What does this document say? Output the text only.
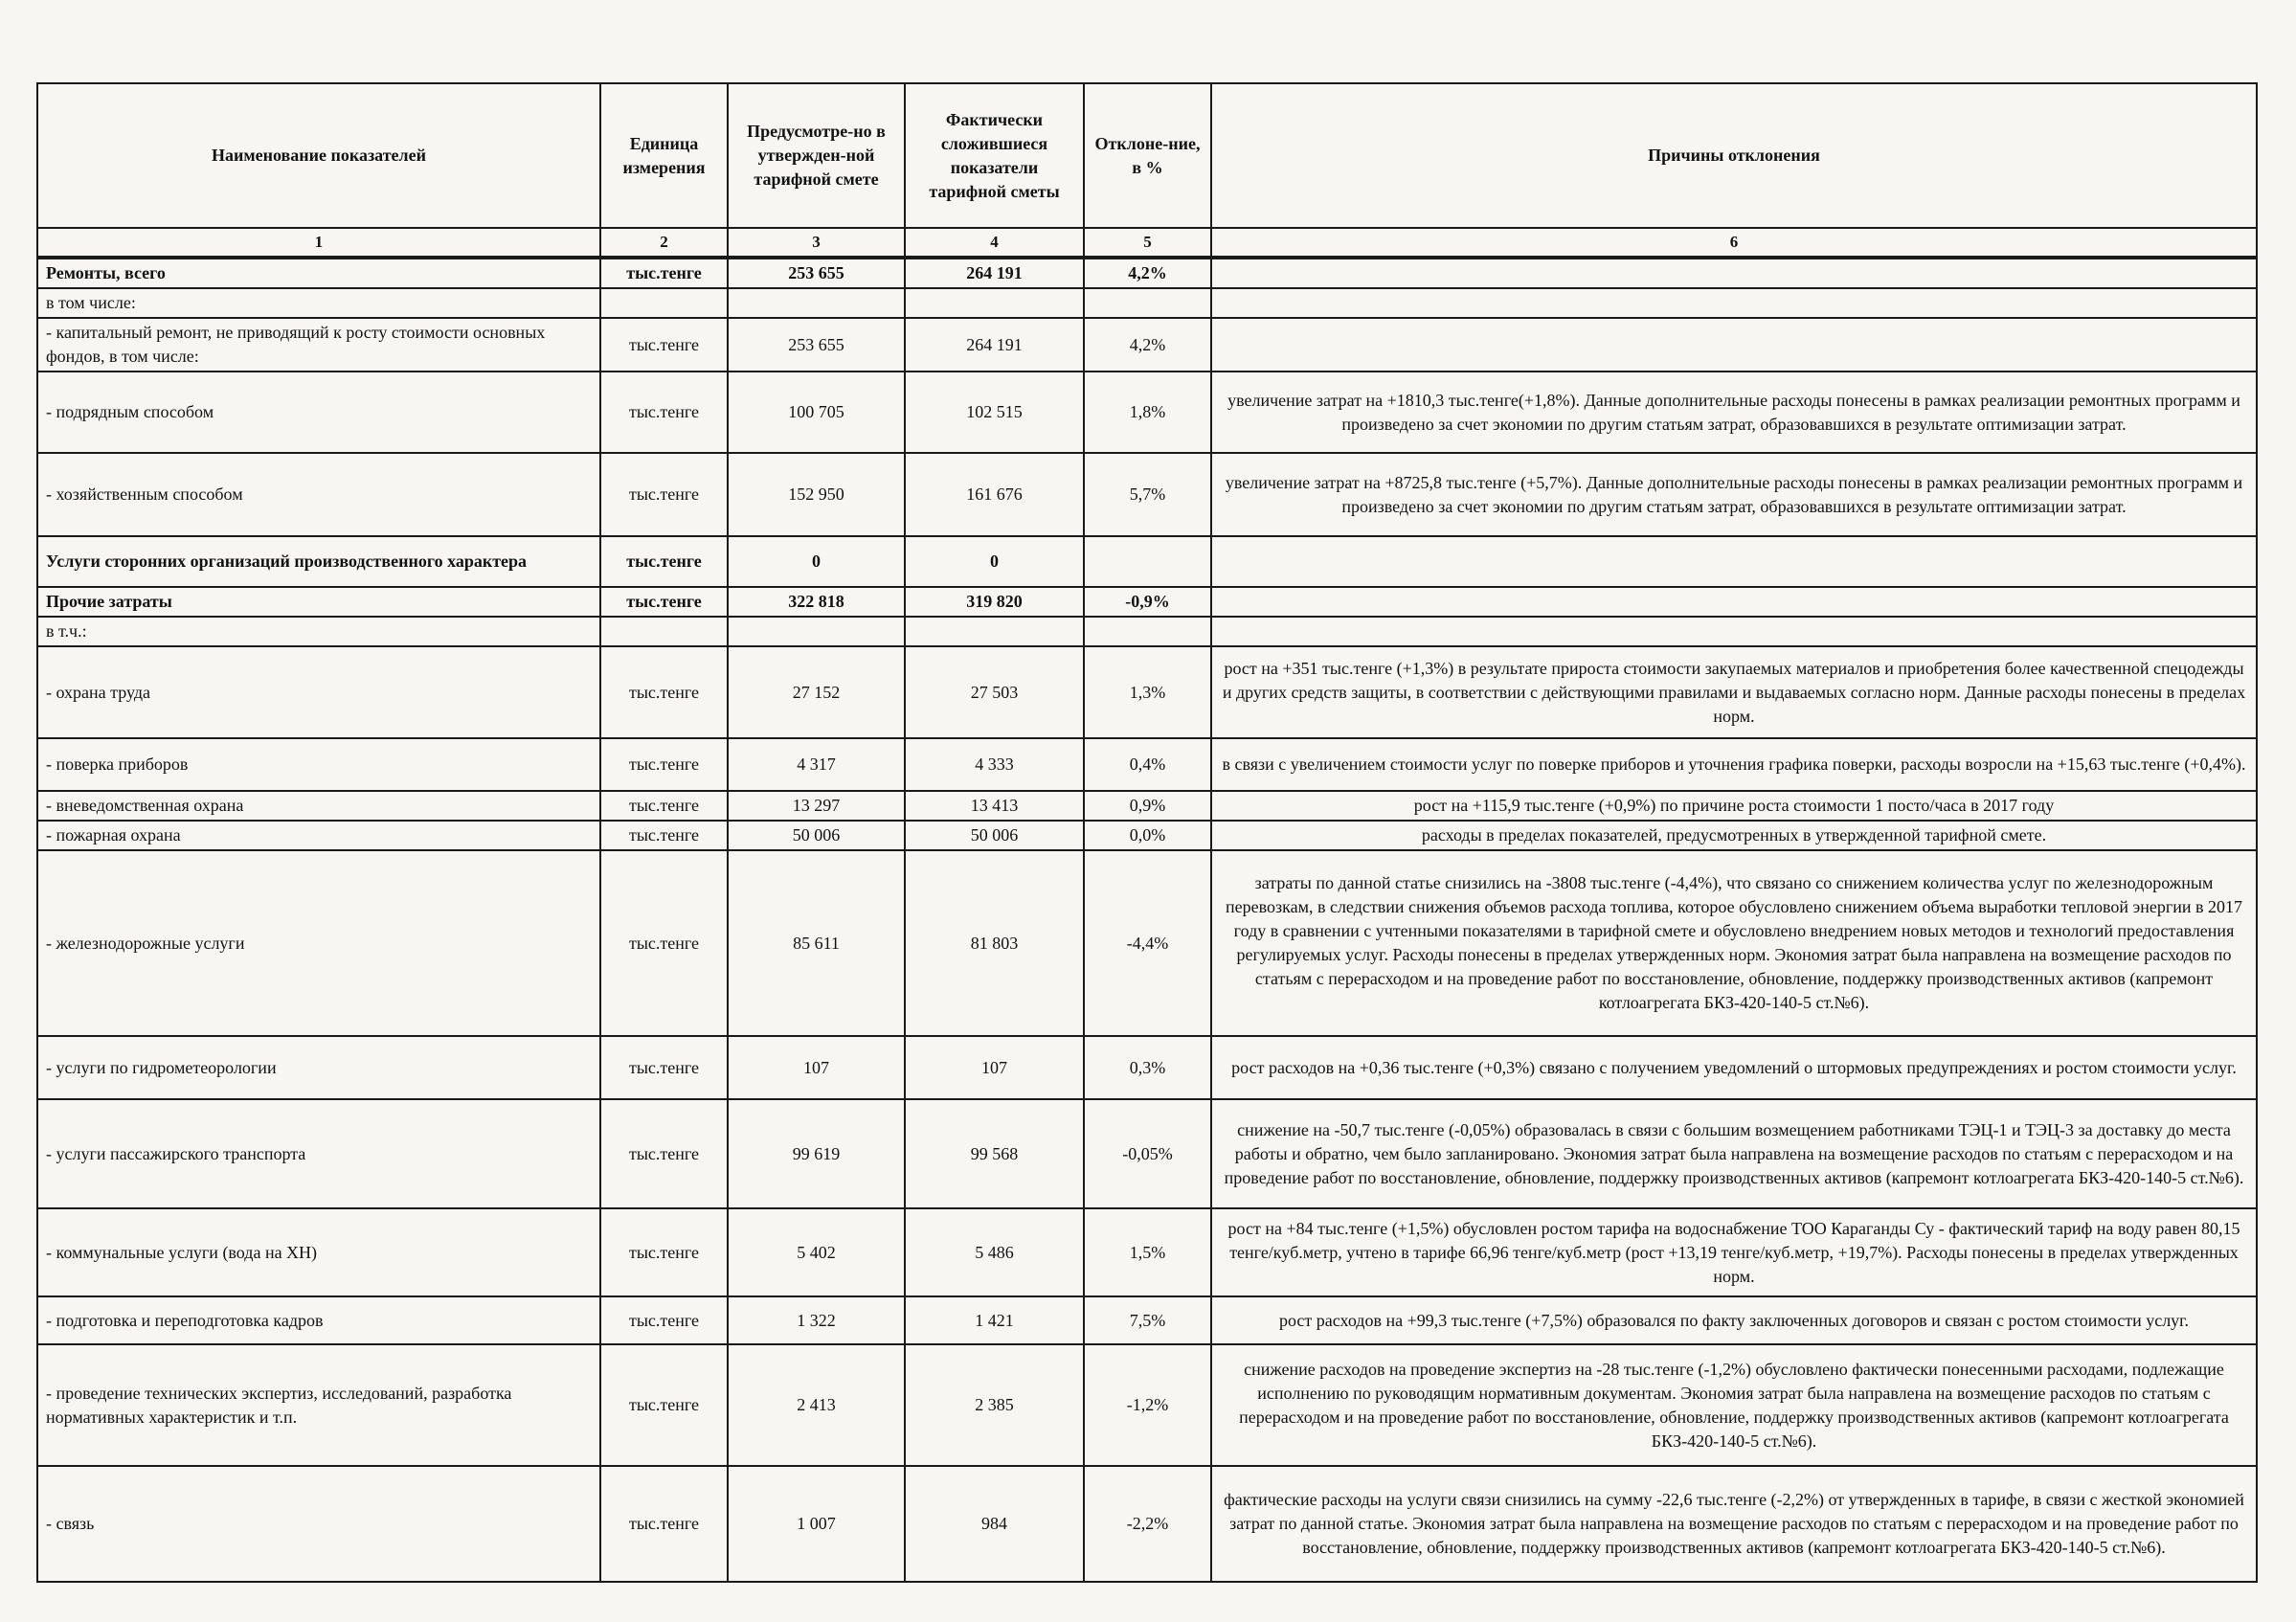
Наименование показателей	Единица измерения	Предусмотре-но в утвержден-ной тарифной смете	Фактически сложившиеся показатели тарифной сметы	Отклоне-ние, в %	Причины отклонения
1	2	3	4	5	6
Ремонты, всего	тыс.тенге	253 655	264 191	4,2%	
в том числе:					
- капитальный ремонт, не приводящий к росту стоимости основных фондов, в том числе:	тыс.тенге	253 655	264 191	4,2%	
- подрядным способом	тыс.тенге	100 705	102 515	1,8%	увеличение затрат на +1810,3 тыс.тенге(+1,8%). Данные дополнительные расходы понесены в рамках реализации ремонтных программ и произведено за счет экономии по другим статьям затрат, образовавшихся в результате оптимизации затрат.
- хозяйственным способом	тыс.тенге	152 950	161 676	5,7%	увеличение затрат на +8725,8 тыс.тенге (+5,7%). Данные дополнительные расходы понесены в рамках реализации ремонтных программ и произведено за счет экономии по другим статьям затрат, образовавшихся в результате оптимизации затрат.
Услуги сторонних организаций производственного характера	тыс.тенге	0	0		
Прочие затраты	тыс.тенге	322 818	319 820	-0,9%	
в т.ч.:					
- охрана труда	тыс.тенге	27 152	27 503	1,3%	рост на +351 тыс.тенге (+1,3%) в результате прироста стоимости закупаемых материалов и приобретения более качественной спецодежды и других средств защиты, в соответствии с действующими правилами и выдаваемых согласно норм. Данные расходы понесены в пределах норм.
- поверка приборов	тыс.тенге	4 317	4 333	0,4%	в связи с увеличением стоимости услуг по поверке приборов и уточнения графика поверки, расходы возросли на +15,63 тыс.тенге (+0,4%).
- вневедомственная охрана	тыс.тенге	13 297	13 413	0,9%	рост на +115,9 тыс.тенге (+0,9%) по причине роста стоимости 1 посто/часа в 2017 году
- пожарная охрана	тыс.тенге	50 006	50 006	0,0%	расходы в пределах показателей, предусмотренных в утвержденной тарифной смете.
- железнодорожные услуги	тыс.тенге	85 611	81 803	-4,4%	затраты по данной статье снизились на -3808 тыс.тенге (-4,4%), что связано со снижением количества услуг по железнодорожным перевозкам, в следствии снижения объемов расхода топлива, которое обусловлено снижением объема выработки тепловой энергии в 2017 году в сравнении с учтенными показателями в тарифной смете и обусловлено внедрением новых методов и технологий предоставления регулируемых услуг. Расходы понесены в пределах утвержденных норм. Экономия затрат была направлена на возмещение расходов по статьям с перерасходом и на проведение работ по восстановление, обновление, поддержку производственных активов (капремонт котлоагрегата БКЗ-420-140-5 ст.№6).
- услуги по гидрометеорологии	тыс.тенге	107	107	0,3%	рост расходов на +0,36 тыс.тенге (+0,3%) связано с получением уведомлений о штормовых предупреждениях и ростом стоимости услуг.
- услуги пассажирского транспорта	тыс.тенге	99 619	99 568	-0,05%	снижение на -50,7 тыс.тенге (-0,05%) образовалась в связи с большим возмещением работниками ТЭЦ-1 и ТЭЦ-3 за доставку до места работы и обратно, чем было запланировано. Экономия затрат была направлена на возмещение расходов по статьям с перерасходом и на проведение работ по восстановление, обновление, поддержку производственных активов (капремонт котлоагрегата БКЗ-420-140-5 ст.№6).
- коммунальные услуги (вода на ХН)	тыс.тенге	5 402	5 486	1,5%	рост на +84 тыс.тенге (+1,5%) обусловлен ростом тарифа на водоснабжение ТОО Караганды Су - фактический тариф на воду равен 80,15 тенге/куб.метр, учтено в тарифе 66,96 тенге/куб.метр (рост +13,19 тенге/куб.метр, +19,7%). Расходы понесены в пределах утвержденных норм.
- подготовка и переподготовка кадров	тыс.тенге	1 322	1 421	7,5%	рост расходов на +99,3 тыс.тенге (+7,5%) образовался по факту заключенных договоров и связан с ростом стоимости услуг.
- проведение технических экспертиз, исследований, разработка нормативных характеристик и т.п.	тыс.тенге	2 413	2 385	-1,2%	снижение расходов на проведение экспертиз на -28 тыс.тенге (-1,2%) обусловлено фактически понесенными расходами, подлежащие исполнению по руководящим нормативным документам. Экономия затрат была направлена на возмещение расходов по статьям с перерасходом и на проведение работ по восстановление, обновление, поддержку производственных активов (капремонт котлоагрегата БКЗ-420-140-5 ст.№6).
- связь	тыс.тенге	1 007	984	-2,2%	фактические расходы на услуги связи снизились на сумму -22,6 тыс.тенге (-2,2%) от утвержденных в тарифе, в связи с жесткой экономией затрат по данной статье. Экономия затрат была направлена на возмещение расходов по статьям с перерасходом и на проведение работ по восстановление, обновление, поддержку производственных активов (капремонт котлоагрегата БКЗ-420-140-5 ст.№6).
